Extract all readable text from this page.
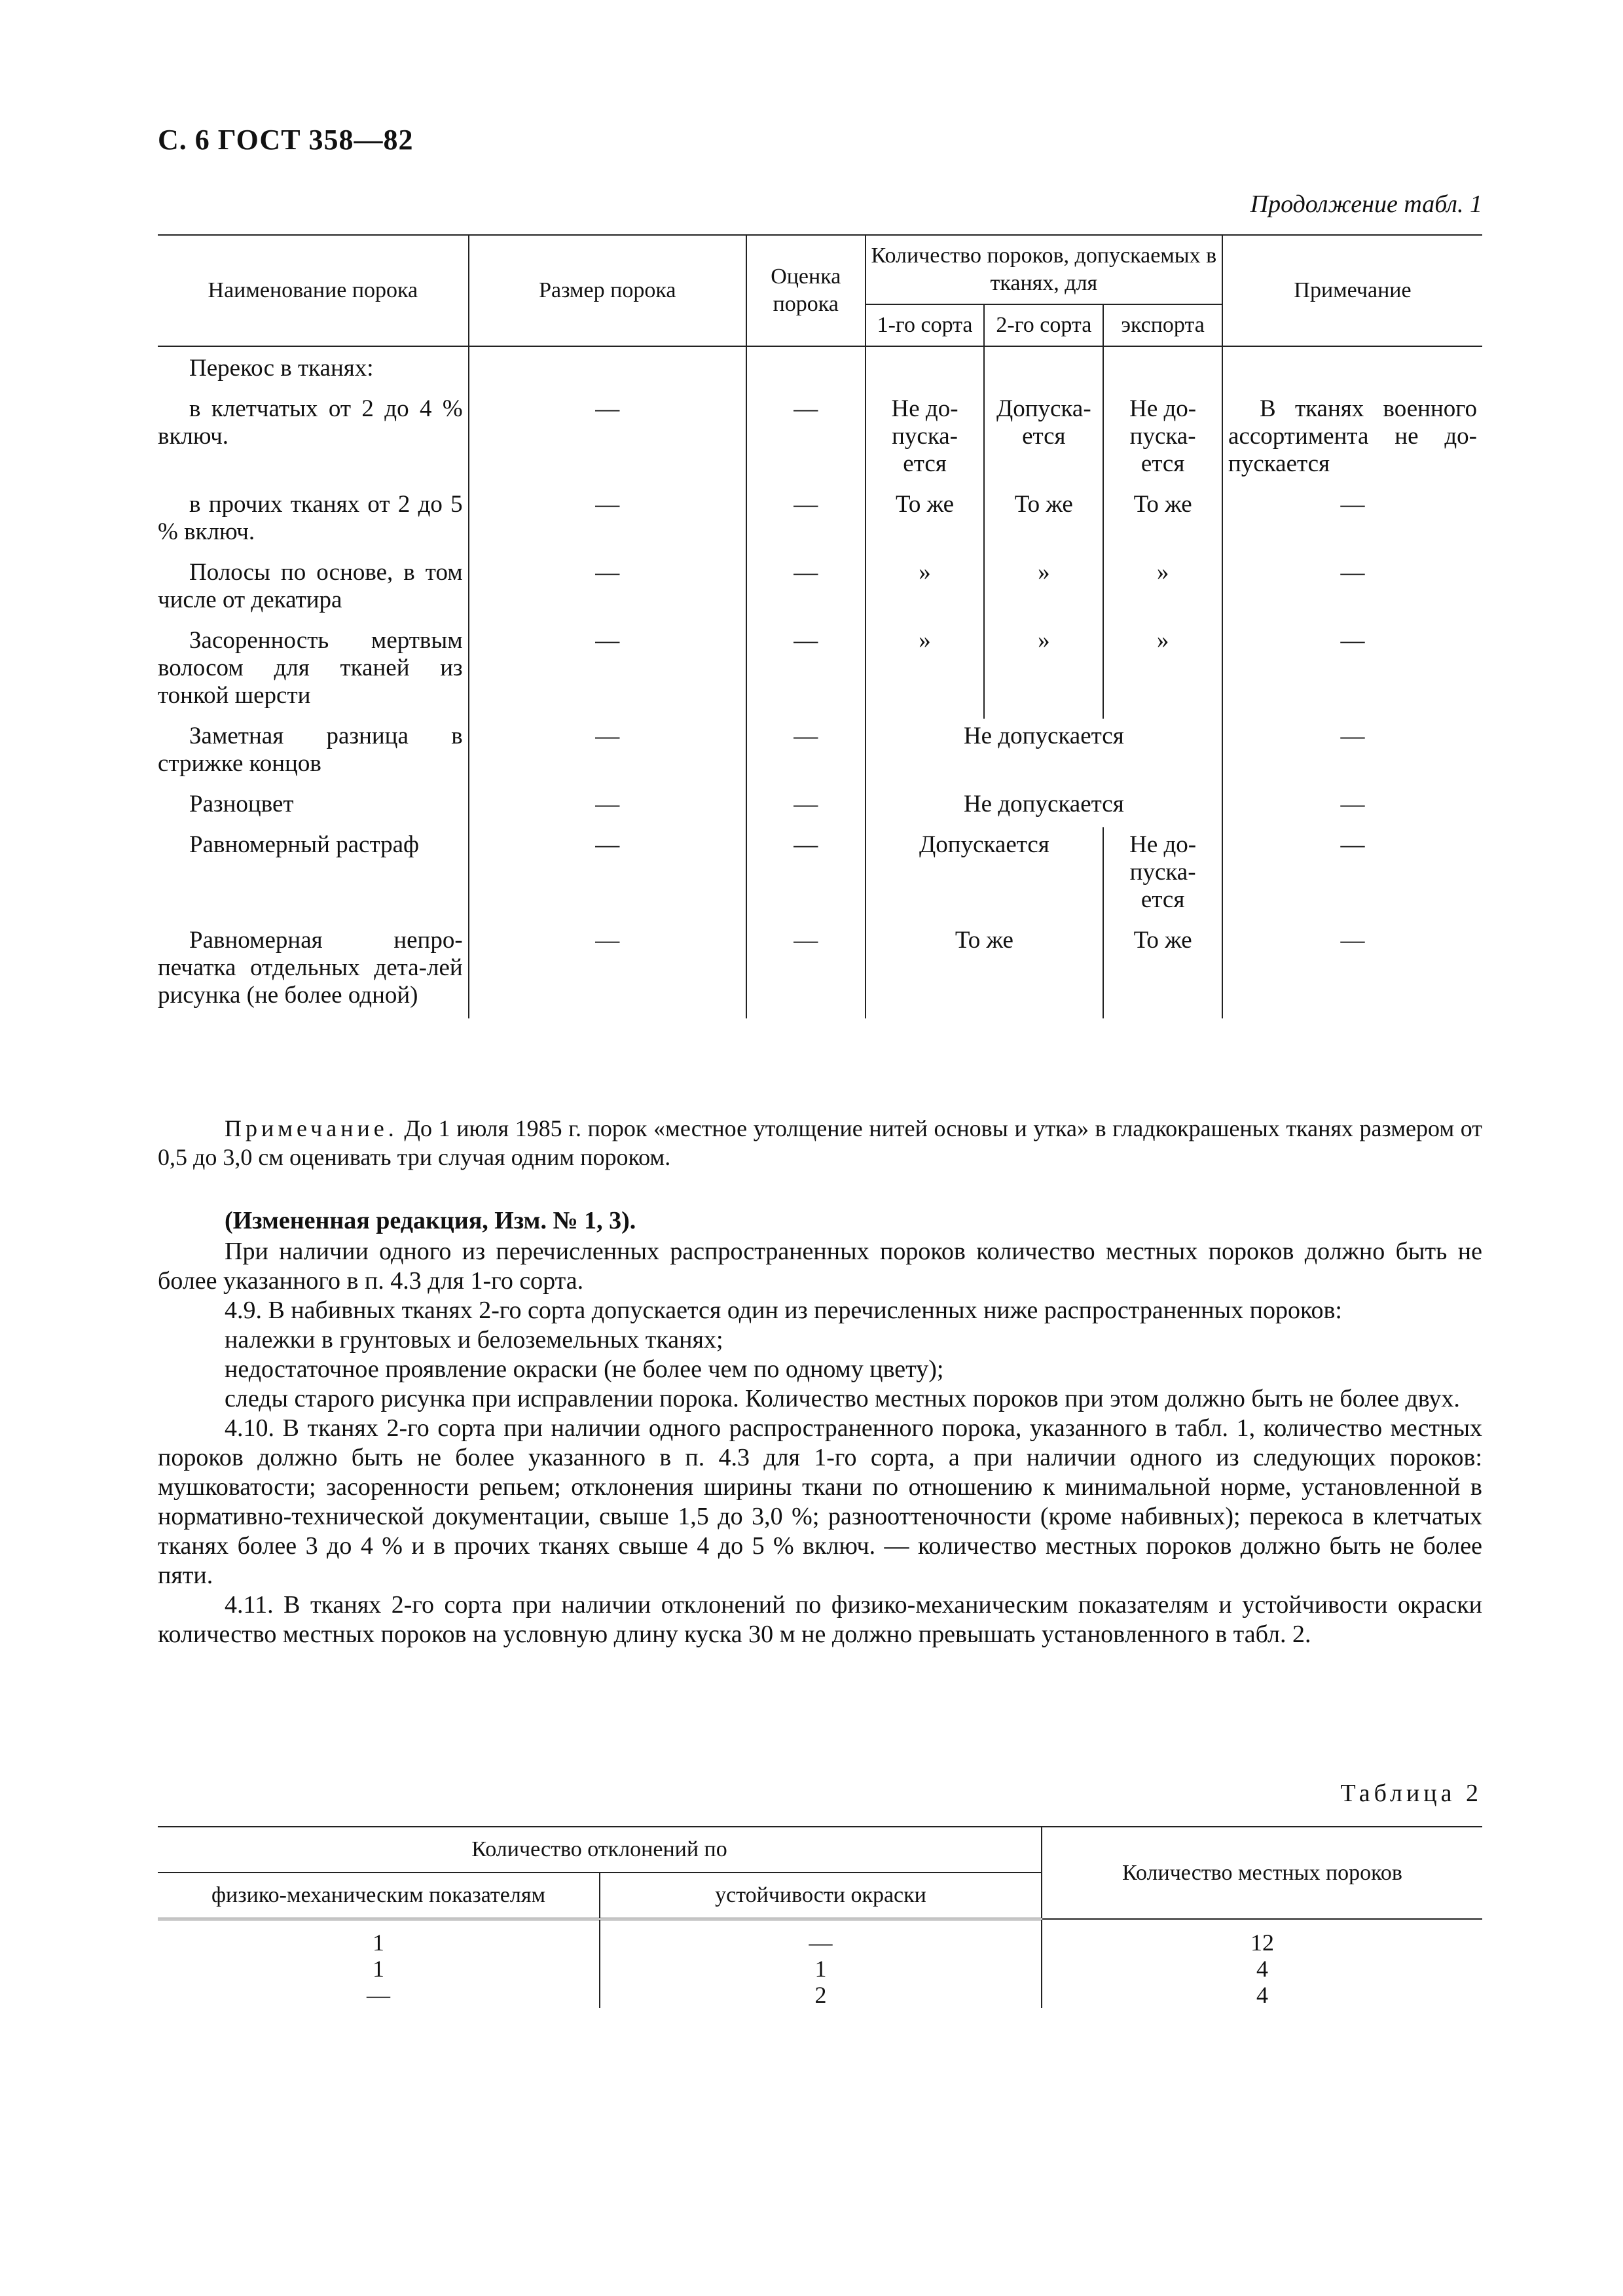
С. 6 ГОСТ 358—82
Продолжение табл. 1
Наименование порока	Размер порока	Оценка порока	Количество пороков, допускаемых в тканях, для			Примечание
			1-го сорта	2-го сорта	экспорта	

Перекос в тканях:						

в клетчатых от 2 до 4 % включ.	—	—	Не до-пуска-ется	Допуска-ется	Не до-пуска-ется	В тканях военного ассортимента не до-пускается

в прочих тканях от 2 до 5 % включ.	—	—	То же	То же	То же	—

Полосы по основе, в том числе от декатира	—	—	»	»	»	—

Засоренность мертвым волосом для тканей из тонкой шерсти	—	—	»	»	»	—

Заметная разница в стрижке концов	—	—	Не допускается			—

Разноцвет	—	—	Не допускается			—

Равномерный растраф	—	—	Допускается		Не до-пуска-ется	—

Равномерная непро-печатка отдельных дета-лей рисунка (не более одной)	—	—	То же		То же	—
Примечание. До 1 июля 1985 г. порок «местное утолщение нитей основы и утка» в гладкокрашеных тканях размером от 0,5 до 3,0 см оценивать три случая одним пороком.
(Измененная редакция, Изм. № 1, 3).

При наличии одного из перечисленных распространенных пороков количество местных пороков должно быть не более указанного в п. 4.3 для 1-го сорта.

4.9. В набивных тканях 2-го сорта допускается один из перечисленных ниже распространенных пороков:

належки в грунтовых и белоземельных тканях;

недостаточное проявление окраски (не более чем по одному цвету);

следы старого рисунка при исправлении порока. Количество местных пороков при этом должно быть не более двух.

4.10. В тканях 2-го сорта при наличии одного распространенного порока, указанного в табл. 1, количество местных пороков должно быть не более указанного в п. 4.3 для 1-го сорта, а при наличии одного из следующих пороков: мушковатости; засоренности репьем; отклонения ширины ткани по отношению к минимальной норме, установленной в нормативно-технической документации, свыше 1,5 до 3,0 %; разнооттеночности (кроме набивных); перекоса в клетчатых тканях более 3 до 4 % и в прочих тканях свыше 4 до 5 % включ. — количество местных пороков должно быть не более пяти.

4.11. В тканях 2-го сорта при наличии отклонений по физико-механическим показателям и устойчивости окраски количество местных пороков на условную длину куска 30 м не должно превышать установленного в табл. 2.

Таблица 2
Количество отклонений по		Количество местных пороков
физико-механическим показателям	устойчивости окраски	
1	—	12
1	1	4
—	2	4
